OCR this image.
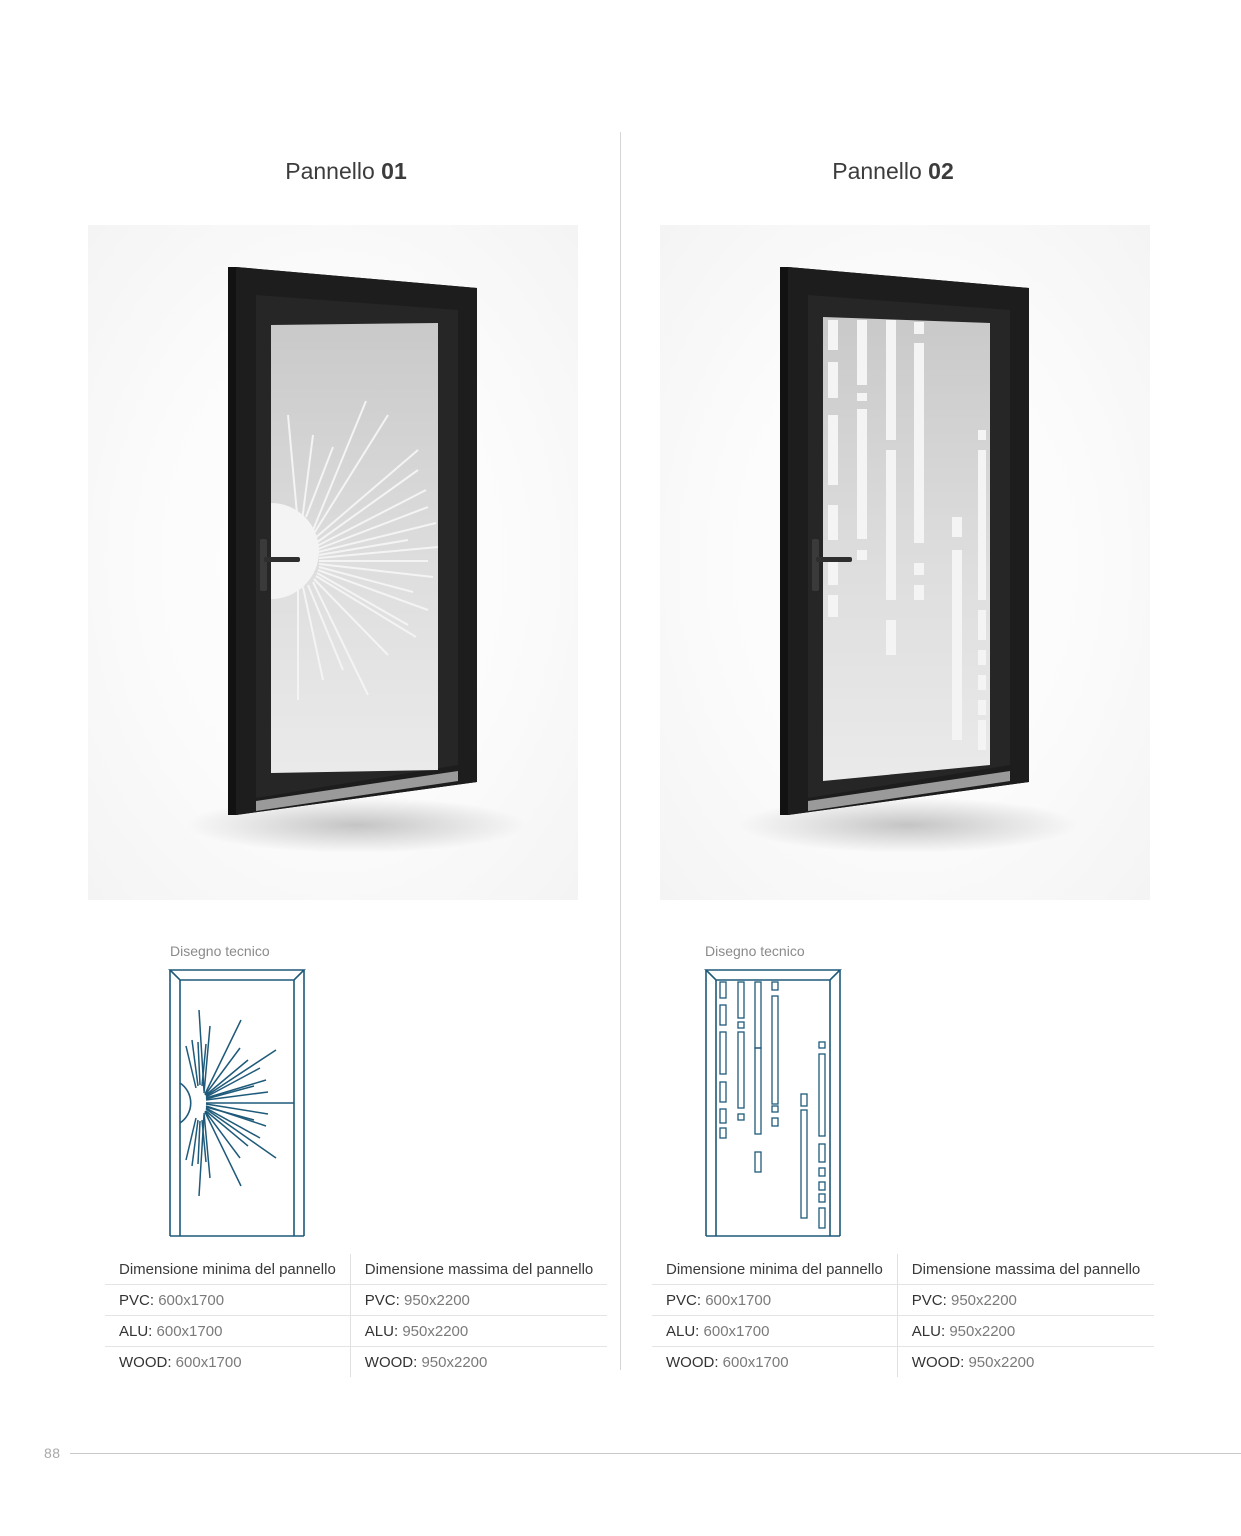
Pannello 01
Disegno tecnico
Dimensione minima del pannello	Dimensione massima del pannello
PVC: 600x1700	PVC: 950x2200
ALU: 600x1700	ALU: 950x2200
WOOD: 600x1700	WOOD: 950x2200
Pannello 02
Disegno tecnico
Dimensione minima del pannello	Dimensione massima del pannello
PVC: 600x1700	PVC: 950x2200
ALU: 600x1700	ALU: 950x2200
WOOD: 600x1700	WOOD: 950x2200
88
